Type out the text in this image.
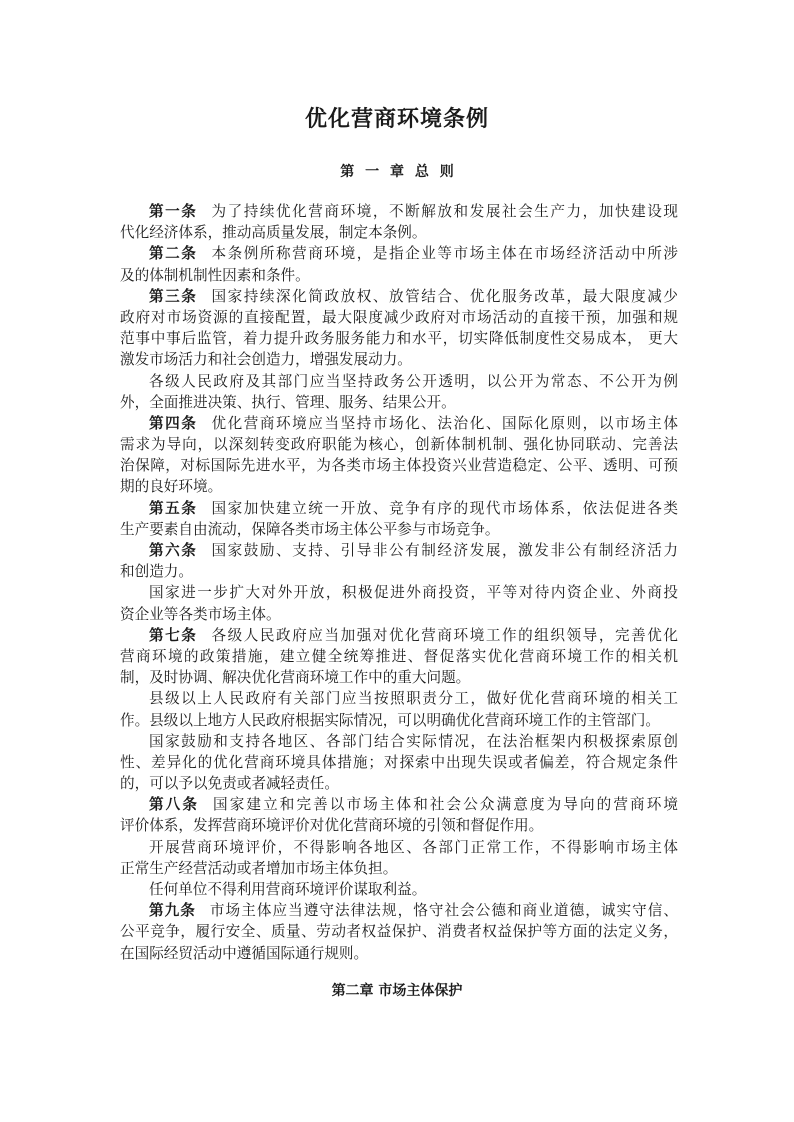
优化营商环境条例
第 一 章 总 则
第一条 为了持续优化营商环境，不断解放和发展社会生产力，加快建设现
代化经济体系，推动高质量发展，制定本条例。
第二条 本条例所称营商环境，是指企业等市场主体在市场经济活动中所涉
及的体制机制性因素和条件。
第三条 国家持续深化简政放权、放管结合、优化服务改革，最大限度减少
政府对市场资源的直接配置，最大限度减少政府对市场活动的直接干预，加强和规
范事中事后监管，着力提升政务服务能力和水平，切实降低制度性交易成本， 更大
激发市场活力和社会创造力，增强发展动力。
各级人民政府及其部门应当坚持政务公开透明，以公开为常态、不公开为例
外，全面推进决策、执行、管理、服务、结果公开。
第四条 优化营商环境应当坚持市场化、法治化、国际化原则，以市场主体
需求为导向，以深刻转变政府职能为核心，创新体制机制、强化协同联动、完善法
治保障，对标国际先进水平，为各类市场主体投资兴业营造稳定、公平、透明、可预
期的良好环境。
第五条 国家加快建立统一开放、竞争有序的现代市场体系，依法促进各类
生产要素自由流动，保障各类市场主体公平参与市场竞争。
第六条 国家鼓励、支持、引导非公有制经济发展，激发非公有制经济活力
和创造力。
国家进一步扩大对外开放，积极促进外商投资，平等对待内资企业、外商投
资企业等各类市场主体。
第七条 各级人民政府应当加强对优化营商环境工作的组织领导，完善优化
营商环境的政策措施，建立健全统筹推进、督促落实优化营商环境工作的相关机
制，及时协调、解决优化营商环境工作中的重大问题。
县级以上人民政府有关部门应当按照职责分工，做好优化营商环境的相关工
作。县级以上地方人民政府根据实际情况，可以明确优化营商环境工作的主管部门。
国家鼓励和支持各地区、各部门结合实际情况，在法治框架内积极探索原创
性、差异化的优化营商环境具体措施；对探索中出现失误或者偏差，符合规定条件
的，可以予以免责或者减轻责任。
第八条 国家建立和完善以市场主体和社会公众满意度为导向的营商环境
评价体系，发挥营商环境评价对优化营商环境的引领和督促作用。
开展营商环境评价，不得影响各地区、各部门正常工作，不得影响市场主体
正常生产经营活动或者增加市场主体负担。
任何单位不得利用营商环境评价谋取利益。
第九条 市场主体应当遵守法律法规，恪守社会公德和商业道德，诚实守信、
公平竞争，履行安全、质量、劳动者权益保护、消费者权益保护等方面的法定义务，
在国际经贸活动中遵循国际通行规则。
第二章 市场主体保护
